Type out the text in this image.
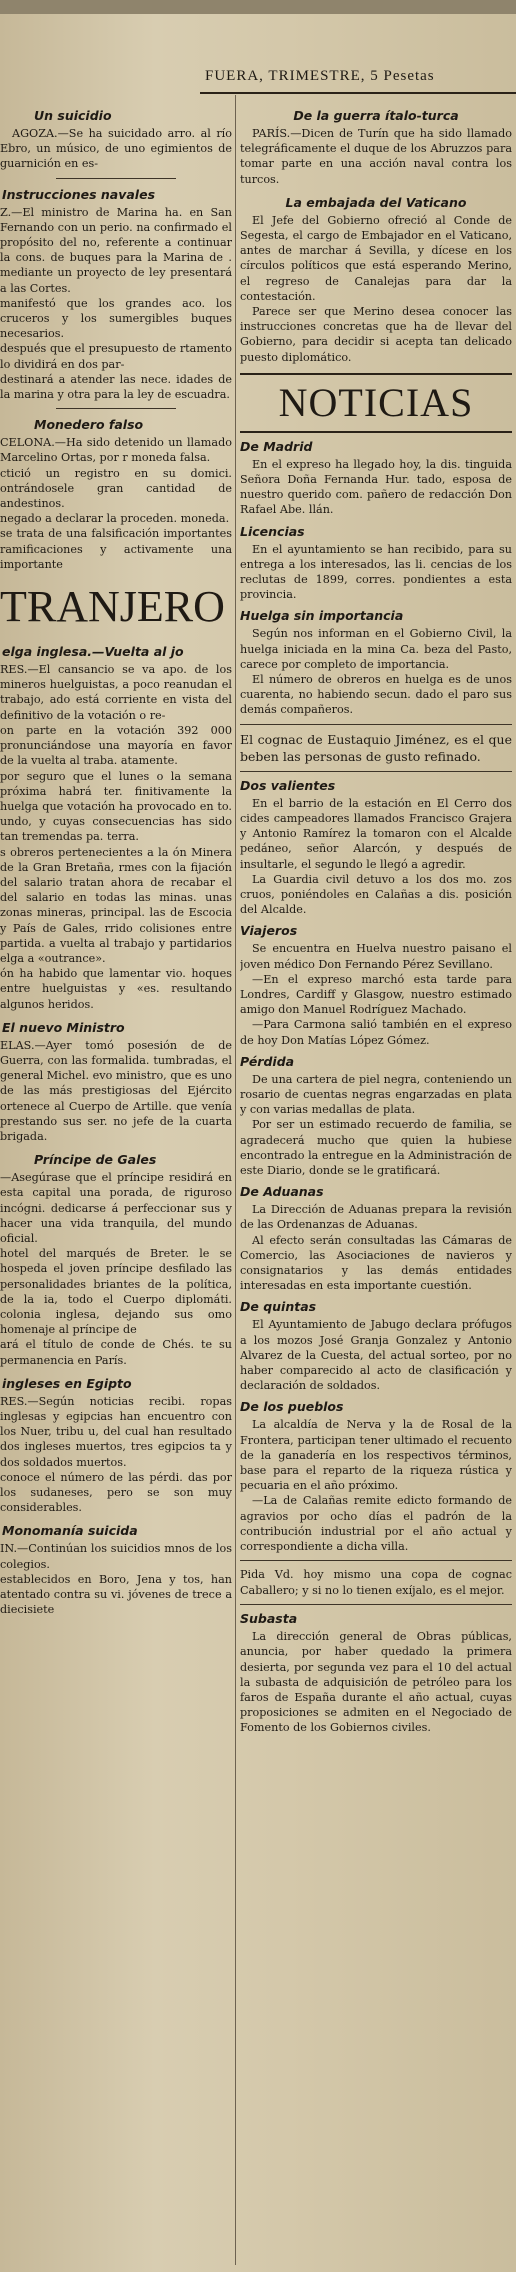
FUERA, TRIMESTRE, 5 Pesetas
Un suicidio

AGOZA.—Se ha suicidado arro. al río Ebro, un músico, de uno egimientos de guarnición en es-

Instrucciones navales

Z.—El ministro de Marina ha. en San Fernando con un perio. na confirmado el propósito del no, referente a continuar la cons. de buques para la Marina de . mediante un proyecto de ley presentará a las Cortes.

manifestó que los grandes aco. los cruceros y los sumergibles buques necesarios.

después que el presupuesto de rtamento lo dividirá en dos par-

destinará a atender las nece. idades de la marina y otra para la ley de escuadra.

Monedero falso

CELONA.—Ha sido detenido un llamado Marcelino Ortas, por r moneda falsa.

ctició un registro en su domici. ontrándosele gran cantidad de andestinos.

negado a declarar la proceden. moneda.

se trata de una falsificación importantes ramificaciones y activamente una importante

TRANJERO
elga inglesa.—Vuelta al jo

RES.—El cansancio se va apo. de los mineros huelguistas, a poco reanudan el trabajo, ado está corriente en vista del definitivo de la votación o re-

on parte en la votación 392 000 pronunciándose una mayoría en favor de la vuelta al traba. atamente.

por seguro que el lunes o la semana próxima habrá ter. finitivamente la huelga que votación ha provocado en to. undo, y cuyas consecuencias has sido tan tremendas pa. terra.

s obreros pertenecientes a la ón Minera de la Gran Bretaña, rmes con la fijación del salario tratan ahora de recabar el del salario en todas las minas. unas zonas mineras, principal. las de Escocia y País de Gales, rrido colisiones entre partida. a vuelta al trabajo y partidarios elga a «outrance».

ón ha habido que lamentar vio. hoques entre huelguistas y «es. resultando algunos heridos.

El nuevo Ministro

ELAS.—Ayer tomó posesión de de Guerra, con las formalida. tumbradas, el general Michel. evo ministro, que es uno de las más prestigiosas del Ejército ortenece al Cuerpo de Artille. que venía prestando sus ser. no jefe de la cuarta brigada.

Príncipe de Gales

—Asegúrase que el príncipe residirá en esta capital una porada, de riguroso incógni. dedicarse á perfeccionar sus y hacer una vida tranquila, del mundo oficial.

hotel del marqués de Breter. le se hospeda el joven príncipe desfilado las personalidades briantes de la política, de la ia, todo el Cuerpo diplomáti. colonia inglesa, dejando sus omo homenaje al príncipe de

ará el título de conde de Chés. te su permanencia en París.

ingleses en Egipto

RES.—Según noticias recibi. ropas inglesas y egipcias han encuentro con los Nuer, tribu u, del cual han resultado dos ingleses muertos, tres egipcios ta y dos soldados muertos.

conoce el número de las pérdi. das por los sudaneses, pero se son muy considerables.

Monomanía suicida

IN.—Continúan los suicidios mnos de los colegios.

establecidos en Boro, Jena y tos, han atentado contra su vi. jóvenes de trece a diecisiete

De la guerra ítalo-turca

PARÍS.—Dicen de Turín que ha sido llamado telegráficamente el duque de los Abruzzos para tomar parte en una acción naval contra los turcos.

La embajada del Vaticano

El Jefe del Gobierno ofreció al Conde de Segesta, el cargo de Embajador en el Vaticano, antes de marchar á Sevilla, y dícese en los círculos políticos que está esperando Merino, el regreso de Canalejas para dar la contestación.

Parece ser que Merino desea conocer las instrucciones concretas que ha de llevar del Gobierno, para decidir si acepta tan delicado puesto diplomático.

NOTICIAS
De Madrid

En el expreso ha llegado hoy, la dis. tinguida Señora Doña Fernanda Hur. tado, esposa de nuestro querido com. pañero de redacción Don Rafael Abe. llán.

Licencias

En el ayuntamiento se han recibido, para su entrega a los interesados, las li. cencias de los reclutas de 1899, corres. pondientes a esta provincia.

Huelga sin importancia

Según nos informan en el Gobierno Civil, la huelga iniciada en la mina Ca. beza del Pasto, carece por completo de importancia.

El número de obreros en huelga es de unos cuarenta, no habiendo secun. dado el paro sus demás compañeros.

El cognac de Eustaquio Jiménez, es el que beben las personas de gusto refinado.
Dos valientes

En el barrio de la estación en El Cerro dos cides campeadores llamados Francisco Grajera y Antonio Ramírez la tomaron con el Alcalde pedáneo, señor Alarcón, y después de insultarle, el segundo le llegó a agredir.

La Guardia civil detuvo a los dos mo. zos cruos, poniéndoles en Calañas a dis. posición del Alcalde.

Viajeros

Se encuentra en Huelva nuestro paisano el joven médico Don Fernando Pérez Sevillano.

—En el expreso marchó esta tarde para Londres, Cardiff y Glasgow, nuestro estimado amigo don Manuel Rodríguez Machado.

—Para Carmona salió también en el expreso de hoy Don Matías López Gómez.

Pérdida

De una cartera de piel negra, conteniendo un rosario de cuentas negras engarzadas en plata y con varias medallas de plata.

Por ser un estimado recuerdo de familia, se agradecerá mucho que quien la hubiese encontrado la entregue en la Administración de este Diario, donde se le gratificará.

De Aduanas

La Dirección de Aduanas prepara la revisión de las Ordenanzas de Aduanas.

Al efecto serán consultadas las Cámaras de Comercio, las Asociaciones de navieros y consignatarios y las demás entidades interesadas en esta importante cuestión.

De quintas

El Ayuntamiento de Jabugo declara prófugos a los mozos José Granja Gonzalez y Antonio Alvarez de la Cuesta, del actual sorteo, por no haber comparecido al acto de clasificación y declaración de soldados.

De los pueblos

La alcaldía de Nerva y la de Rosal de la Frontera, participan tener ultimado el recuento de la ganadería en los respectivos términos, base para el reparto de la riqueza rústica y pecuaria en el año próximo.

—La de Calañas remite edicto formando de agravios por ocho días el padrón de la contribución industrial por el año actual y correspondiente a dicha villa.

Pida Vd. hoy mismo una copa de cognac Caballero; y si no lo tienen exíjalo, es el mejor.
Subasta

La dirección general de Obras públicas, anuncia, por haber quedado la primera desierta, por segunda vez para el 10 del actual la subasta de adquisición de petróleo para los faros de España durante el año actual, cuyas proposiciones se admiten en el Negociado de Fomento de los Gobiernos civiles.
